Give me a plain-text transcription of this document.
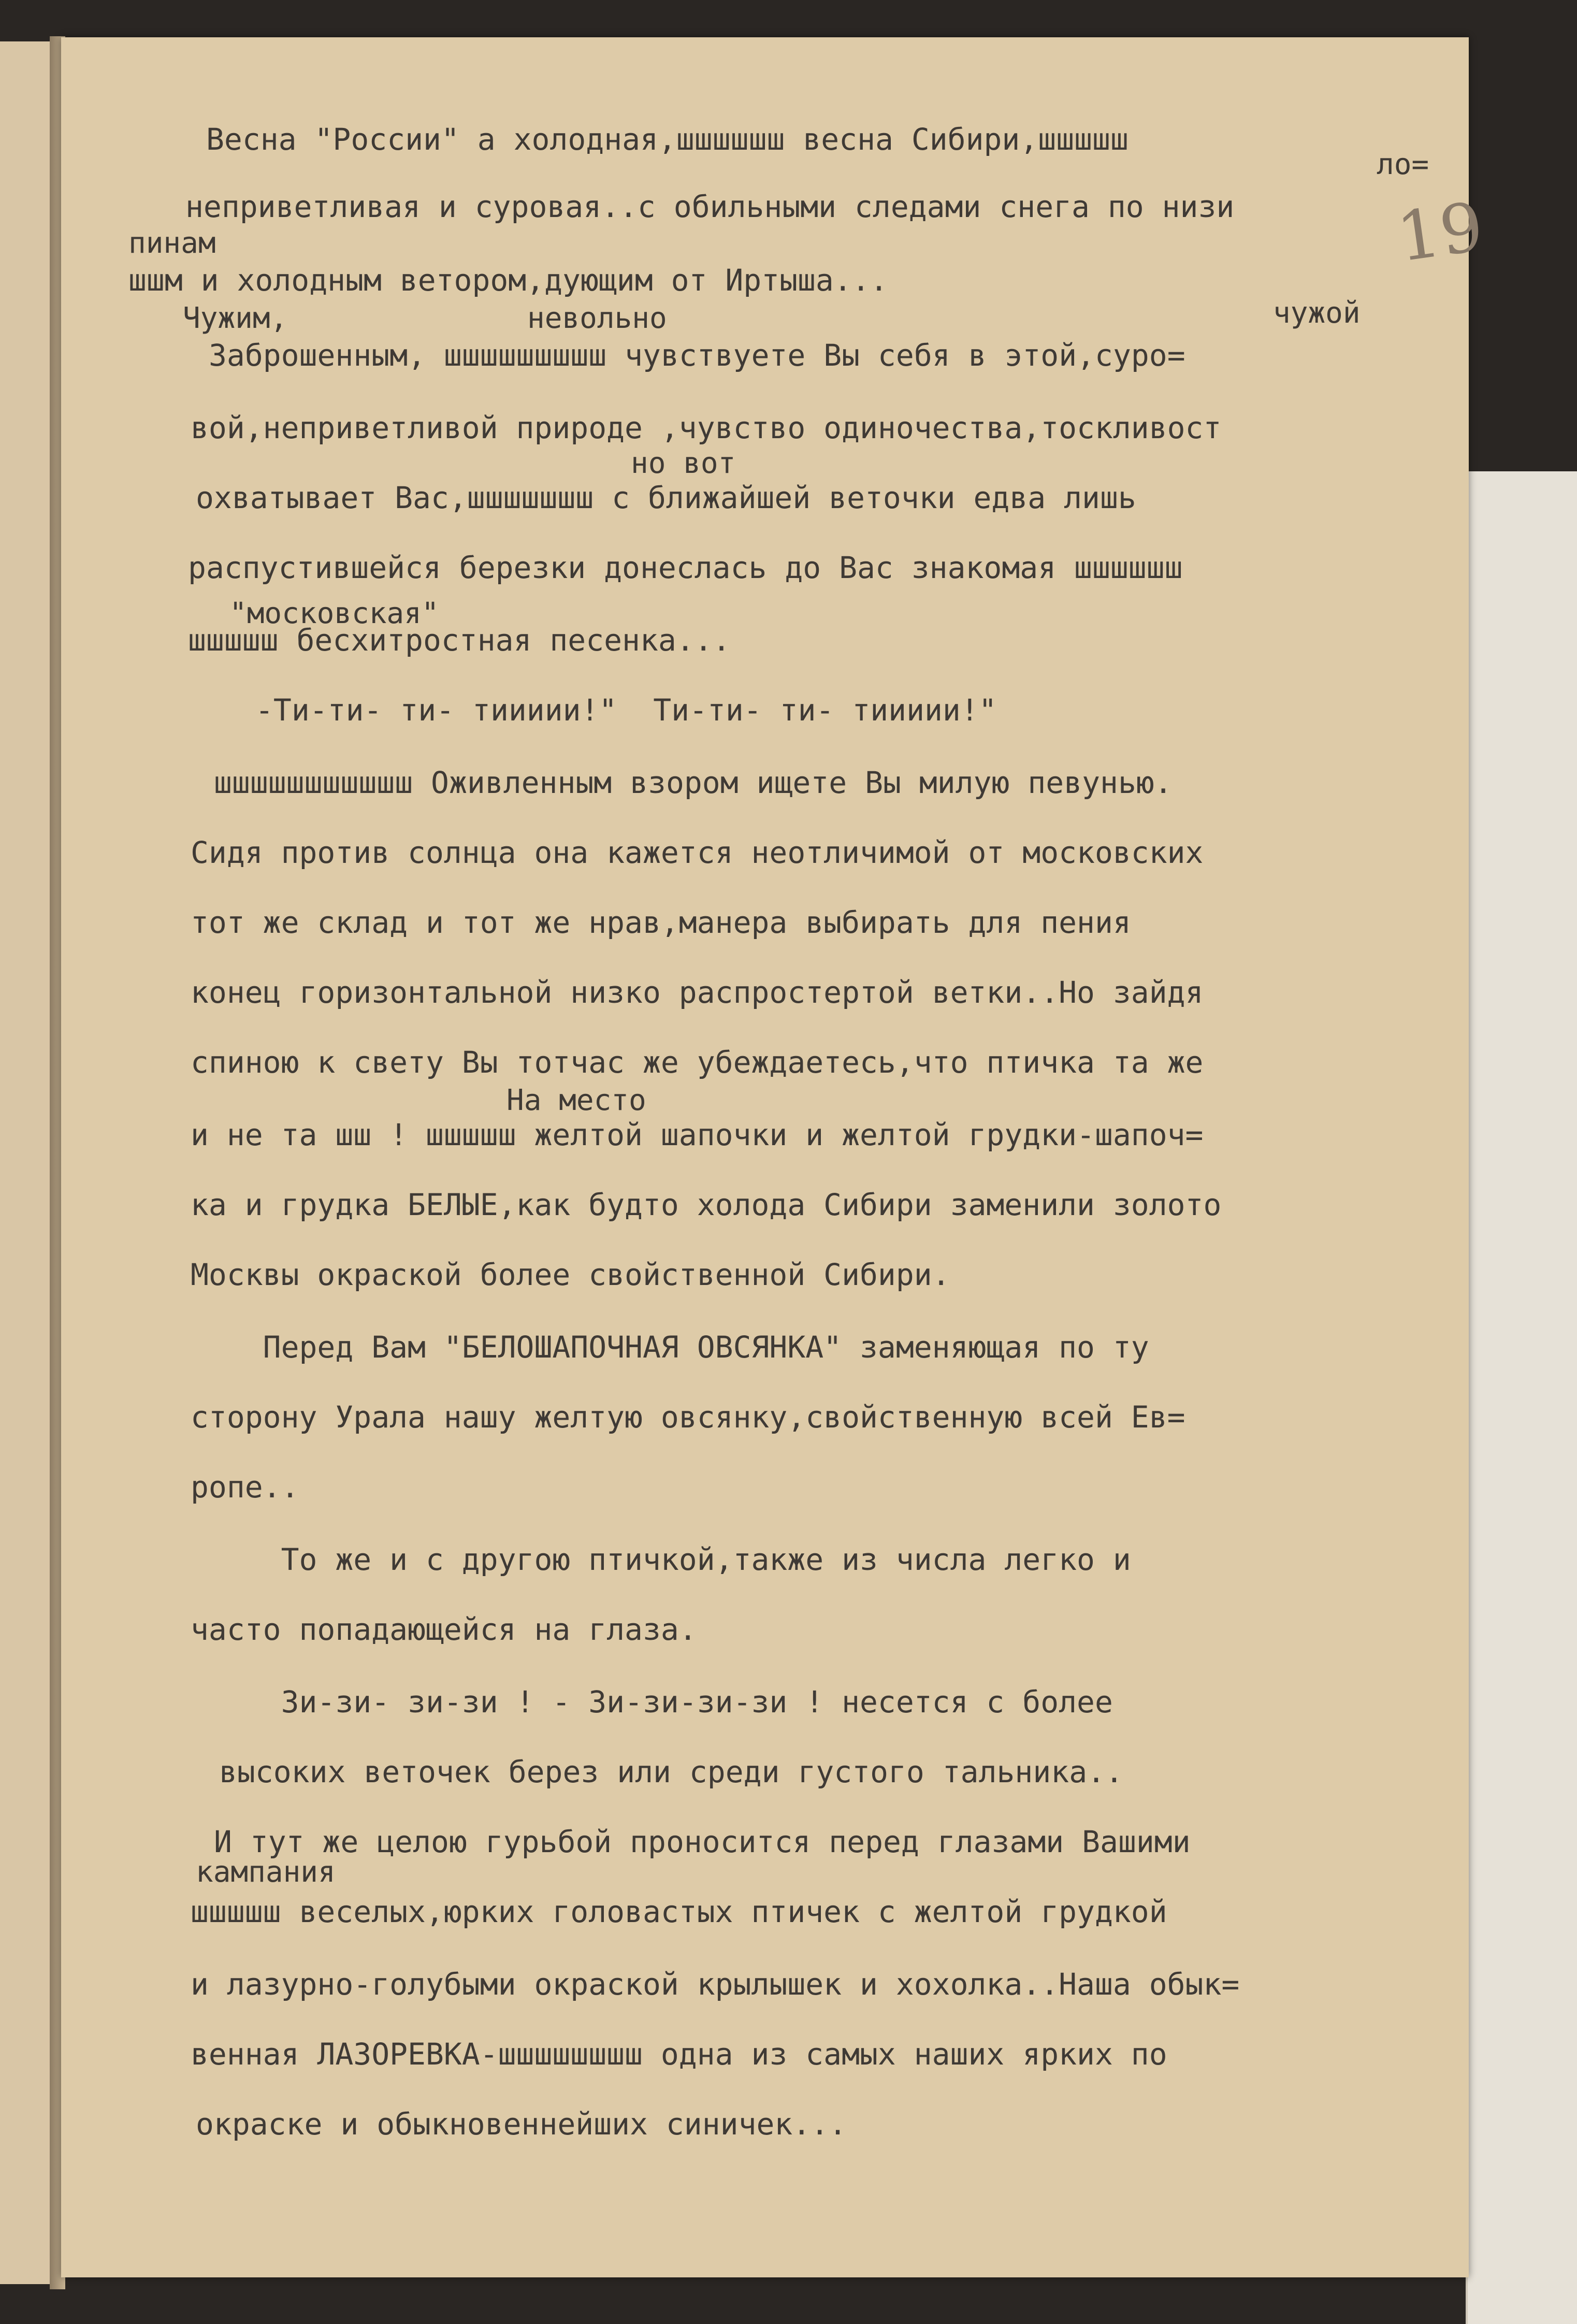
19
ло=
пинам
Чужим,	невольно	чужой
но вот
"московская"
На место
кампания
Весна "России" а холодная,шшшшшш весна Сибири,шшшшш
неприветливая и суровая..с обильными следами снега по низи
шшм и холодным ветором,дующим от Иртыша...
Заброшенным, шшшшшшшшш чувствуете Вы себя в этой,суро=
вой,неприветливой природе ,чувство одиночества,тоскливост
охватывает Вас,шшшшшшш с ближайшей веточки едва лишь
распустившейся березки донеслась до Вас знакомая шшшшшш
шшшшш бесхитростная песенка...
-Ти-ти- ти- тиииии!"  Ти-ти- ти- тиииии!"
шшшшшшшшшшш Оживленным взором ищете Вы милую певунью.
Сидя против солнца она кажется неотличимой от московских
тот же склад и тот же нрав,манера выбирать для пения
конец горизонтальной низко распростертой ветки..Но зайдя
спиною к свету Вы тотчас же убеждаетесь,что птичка та же
и не та шш ! шшшшш желтой шапочки и желтой грудки-шапоч=
ка и грудка БЕЛЫЕ,как будто холода Сибири заменили золото
Москвы окраской более свойственной Сибири.
Перед Вам "БЕЛОШАПОЧНАЯ ОВСЯНКА" заменяющая по ту
сторону Урала нашу желтую овсянку,свойственную всей Ев=
ропе..
То же и с другою птичкой,также из числа легко и
часто попадающейся на глаза.
Зи-зи- зи-зи ! - Зи-зи-зи-зи ! несется с более
высоких веточек берез или среди густого тальника..
И тут же целою гурьбой проносится перед глазами Вашими
шшшшш веселых,юрких головастых птичек с желтой грудкой
и лазурно-голубыми окраской крылышек и хохолка..Наша обык=
венная ЛАЗОРЕВКА-шшшшшшшш одна из самых наших ярких по
окраске и обыкновеннейших синичек...
